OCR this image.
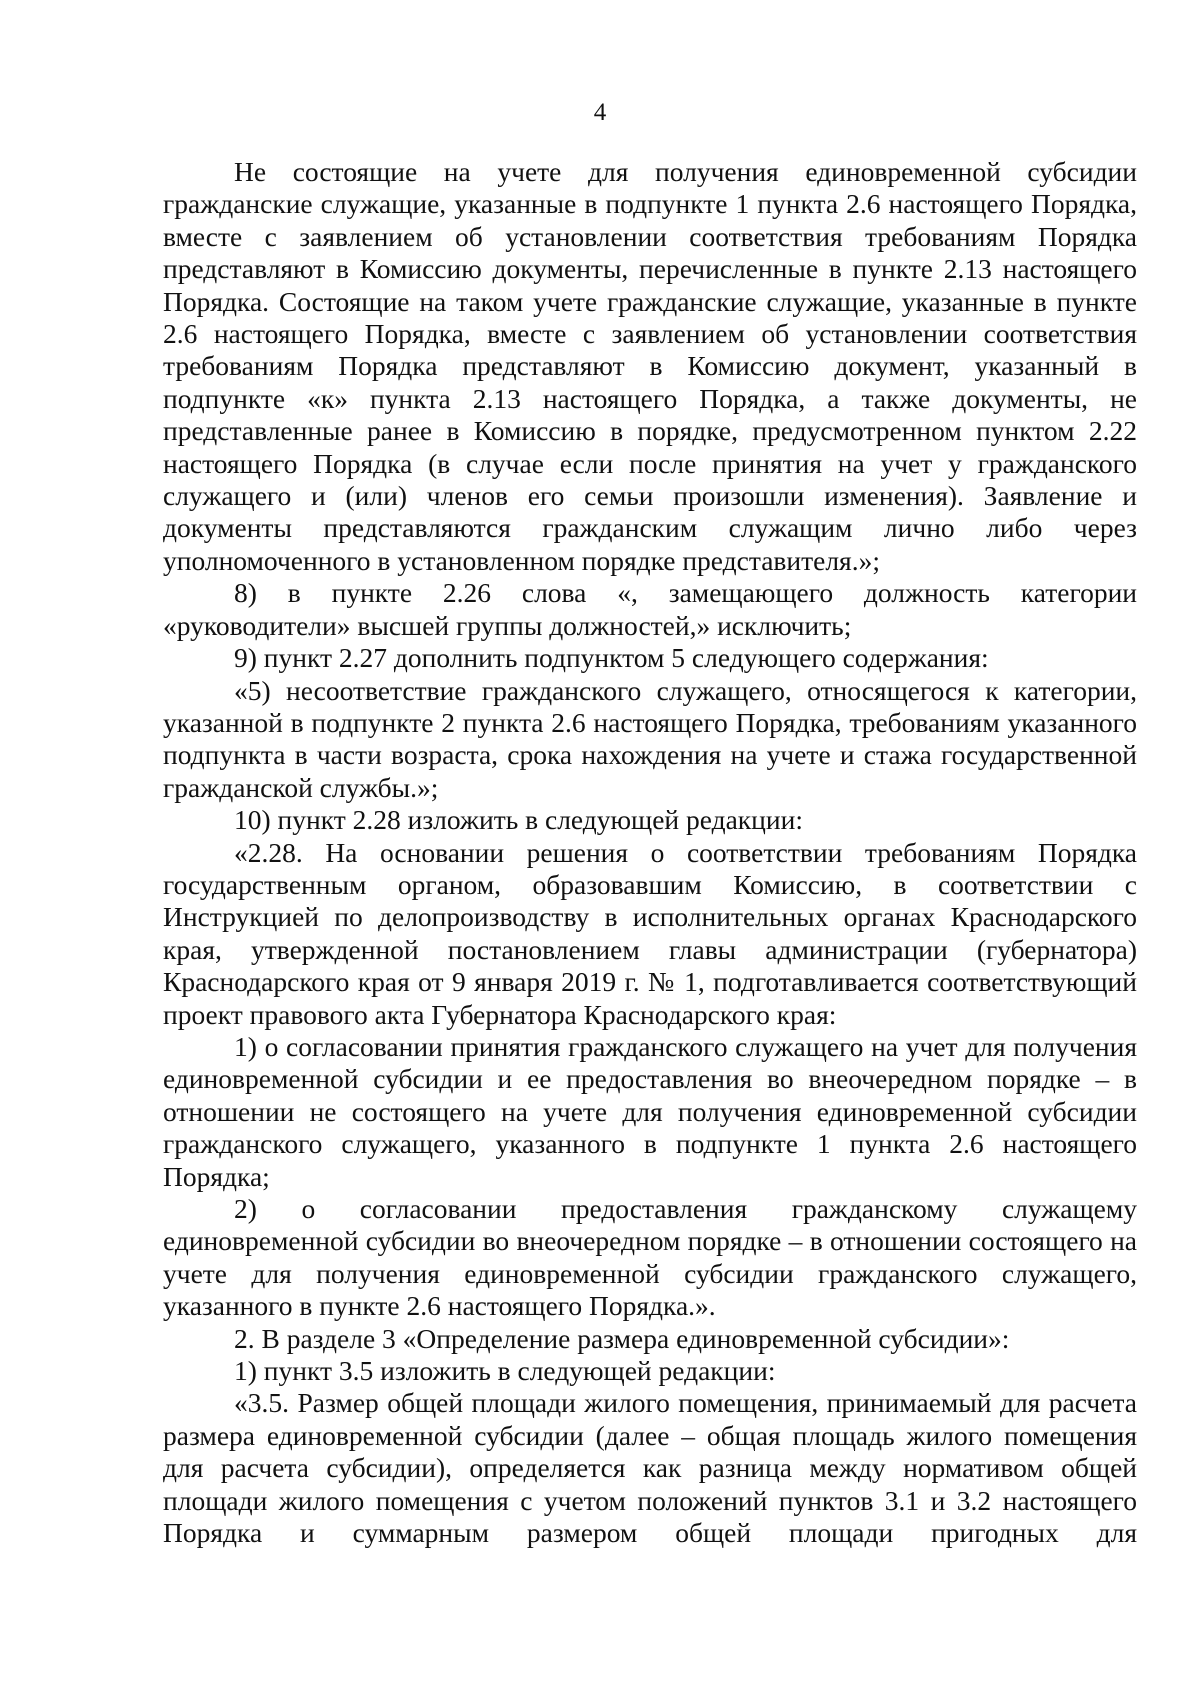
4

Не состоящие на учете для получения единовременной субсидии гражданские служащие, указанные в подпункте 1 пункта 2.6 настоящего Порядка, вместе с заявлением об установлении соответствия требованиям Порядка представляют в Комиссию документы, перечисленные в пункте 2.13 настоящего Порядка. Состоящие на таком учете гражданские служащие, указанные в пункте 2.6 настоящего Порядка, вместе с заявлением об установлении соответствия требованиям Порядка представляют в Комиссию документ, указанный в подпункте «к» пункта 2.13 настоящего Порядка, а также документы, не представленные ранее в Комиссию в порядке, предусмотренном пунктом 2.22 настоящего Порядка (в случае если после принятия на учет у гражданского служащего и (или) членов его семьи произошли изменения). Заявление и документы представляются гражданским служащим лично либо через уполномоченного в установленном порядке представителя.»;

8) в пункте 2.26 слова «, замещающего должность категории «руководители» высшей группы должностей,» исключить;

9) пункт 2.27 дополнить подпунктом 5 следующего содержания:

«5) несоответствие гражданского служащего, относящегося к категории, указанной в подпункте 2 пункта 2.6 настоящего Порядка, требованиям указанного подпункта в части возраста, срока нахождения на учете и стажа государственной гражданской службы.»;

10) пункт 2.28 изложить в следующей редакции:

«2.28. На основании решения о соответствии требованиям Порядка государственным органом, образовавшим Комиссию, в соответствии с Инструкцией по делопроизводству в исполнительных органах Краснодарского края, утвержденной постановлением главы администрации (губернатора) Краснодарского края от 9 января 2019 г. № 1, подготавливается соответствующий проект правового акта Губернатора Краснодарского края:

1) о согласовании принятия гражданского служащего на учет для получения единовременной субсидии и ее предоставления во внеочередном порядке – в отношении не состоящего на учете для получения единовременной субсидии гражданского служащего, указанного в подпункте 1 пункта 2.6 настоящего Порядка;

2) о согласовании предоставления гражданскому служащему единовременной субсидии во внеочередном порядке – в отношении состоящего на учете для получения единовременной субсидии гражданского служащего, указанного в пункте 2.6 настоящего Порядка.».

2. В разделе 3 «Определение размера единовременной субсидии»:

1) пункт 3.5 изложить в следующей редакции:

«3.5. Размер общей площади жилого помещения, принимаемый для расчета размера единовременной субсидии (далее – общая площадь жилого помещения для расчета субсидии), определяется как разница между нормативом общей площади жилого помещения с учетом положений пунктов 3.1 и 3.2 настоящего Порядка и суммарным размером общей площади пригодных для
